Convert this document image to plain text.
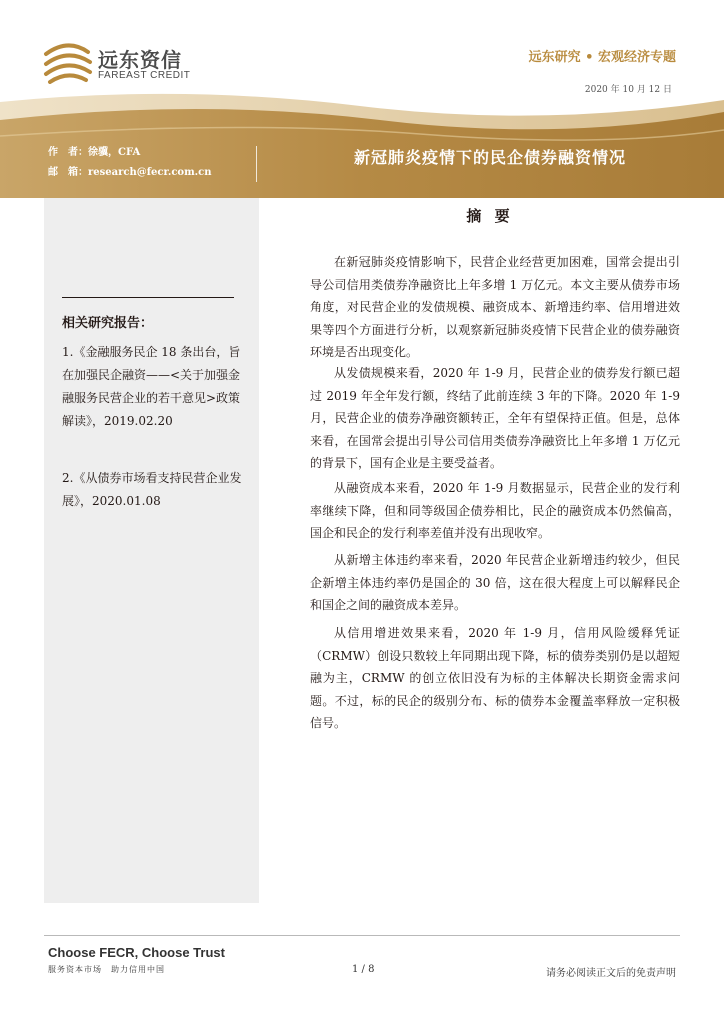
远东资信
FAREAST CREDIT
远东研究 • 宏观经济专题
2020 年 10 月 12 日
作　者：徐骥，CFA
邮　箱：research@fecr.com.cn
新冠肺炎疫情下的民企债券融资情况
相关研究报告：
1.《金融服务民企 18 条出台，旨在加强民企融资——<关于加强金融服务民营企业的若干意见>政策解读》，2019.02.20
2.《从债券市场看支持民营企业发展》，2020.01.08
摘 要
在新冠肺炎疫情影响下，民营企业经营更加困难，国常会提出引导公司信用类债券净融资比上年多增 1 万亿元。本文主要从债券市场角度，对民营企业的发债规模、融资成本、新增违约率、信用增进效果等四个方面进行分析，以观察新冠肺炎疫情下民营企业的债券融资环境是否出现变化。
从发债规模来看，2020 年 1-9 月，民营企业的债券发行额已超过 2019 年全年发行额，终结了此前连续 3 年的下降。2020 年 1-9 月，民营企业的债券净融资额转正，全年有望保持正值。但是，总体来看，在国常会提出引导公司信用类债券净融资比上年多增 1 万亿元的背景下，国有企业是主要受益者。
从融资成本来看，2020 年 1-9 月数据显示，民营企业的发行利率继续下降，但和同等级国企债券相比，民企的融资成本仍然偏高，国企和民企的发行利率差值并没有出现收窄。
从新增主体违约率来看，2020 年民营企业新增违约较少，但民企新增主体违约率仍是国企的 30 倍，这在很大程度上可以解释民企和国企之间的融资成本差异。
从信用增进效果来看，2020 年 1-9 月，信用风险缓释凭证（CRMW）创设只数较上年同期出现下降，标的债券类别仍是以超短融为主，CRMW 的创立依旧没有为标的主体解决长期资金需求问题。不过，标的民企的级别分布、标的债券本金覆盖率释放一定积极信号。
Choose FECR, Choose Trust
服务资本市场　助力信用中国	1 / 8	请务必阅读正文后的免责声明
